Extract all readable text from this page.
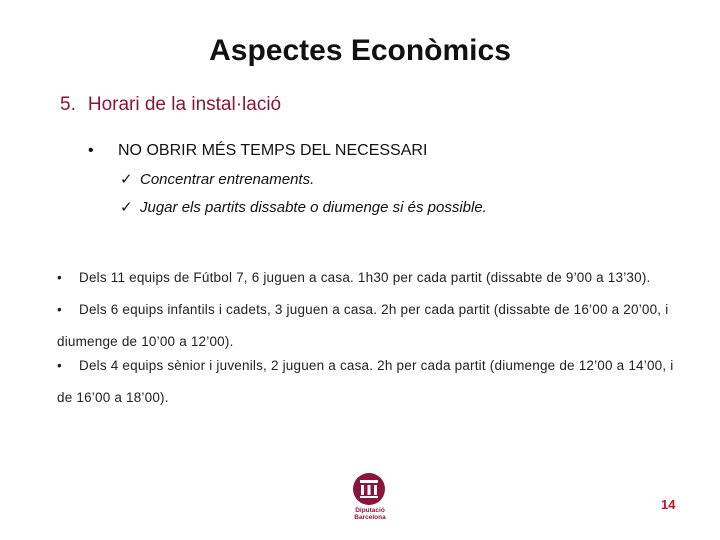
Aspectes Econòmics
5. Horari de la instal·lació
• NO OBRIR MÉS TEMPS DEL NECESSARI
✓ Concentrar entrenaments.
✓ Jugar els partits dissabte o diumenge si és possible.
• Dels 11 equips de Fútbol 7, 6 juguen a casa. 1h30 per cada partit (dissabte de 9’00 a 13’30).
• Dels 6 equips infantils i cadets, 3 juguen a casa. 2h per cada partit (dissabte de 16’00 a 20’00, i diumenge de 10’00 a 12’00).
• Dels 4 equips sènior i juvenils, 2 juguen a casa. 2h per cada partit (diumenge de 12’00 a 14’00, i de 16’00 a 18’00).
Diputació
Barcelona
14
